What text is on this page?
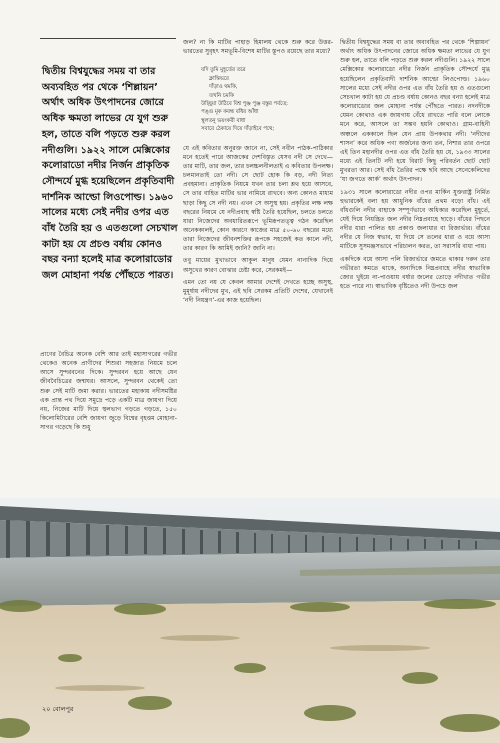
দ্বিতীয় বিশ্বযুদ্ধের সময় বা তার অব্যবহিত পর থেকে ‘শিল্লায়ন’ অর্থাৎ অধিক উৎপাদনের জোরে অধিক ক্ষমতা লাভের যে যুগ শুরু হল, তাতে বলি পড়তে শুরু করল নদীগুলি। ১৯২২ সালে মেক্সিকোর কলোরাডো নদীর নির্জন প্রাকৃতিক সৌন্দর্যে মুগ্ধ হয়েছিলেন প্রকৃতিবাদী দার্শনিক আল্ডো লিওপোল্ড। ১৯৬০ সালের মধ্যে সেই নদীর ওপর এত বাঁধ তৈরি হয় ও এতগুলো সেচখাল কাটা হয় যে প্রচণ্ড বর্ষায় কোনও বছর বন্যা হলেই মাত্র কলোরাডোর জল মোহানা পর্যন্ত পৌঁছতে পারত।

প্রাণের বৈচিত্র অনেক বেশি আর তাই মহাসাগরের গভীর থেকেও অনেক প্রাণীদের শিশুরা সহজাত নিয়মে চলে আসে সুন্দরবনের দিকে। সুন্দরবন হয়ে আছে যেন জীববৈচিত্রের জন্মঘর। আসলে, সুন্দরবন থেকেই তো শুরু সেই মাটি জমা করার। ভারতের মহাকায় নদীসমষ্টির এক প্রান্ত পথ দিয়ে সমুদ্রে পড়ে একটি মাত্র জায়গা দিয়ে নয়, নিজের মাটি দিয়ে স্থলভাগ গড়তে গড়তে, ১৫০ কিলোমিটারের বেশি জায়গা জুড়ে বিশ্বের বৃহত্তম মোহানা-সাগর গড়েছে কি শুধু

জল? না কি মাটির পাহাড় হিমালয় থেকে শুরু করে উত্তর-ভারতের সুবৃহৎ সমভূমি-বিশেষ মাটির স্তূপও রয়েছে তার মধ্যে?

যদি তুমি মুহূর্তের তরে
ক্লান্তিভরে
দাঁড়াও থমকি,
তখনি চমকি
উচ্ছ্রিয়া উঠিবে বিশ্ব পুঞ্জ পুঞ্জ বস্তুর পর্বতে;
পঙ্গু মূক কবন্ধ বধির আঁধা
স্থূলতনু ভয়ংকরী বাধা
সবারে ঠেকায়ে দিয়ে দাঁড়াইবে পথে;

যে এই কবিতার অনুরক্ত জানে না, সেই নবীন পাঠক-পাঠিকার মনে হতেই পারে আজকের দেশবিস্তৃত যেসব নদী সে দেখে— তার মাটি, তার জল, তার চলচ্চলনীলতাই এ কবিতার উপলক্ষ। চলমানতাই তো নদী। সে ছোট হোক কি বড়, নদী নিত্য প্রবহমানা। প্রাকৃতিক নিয়মে যখন তার চলা শ্লথ হয়ে আসবে, সে তার বাহিত মাটির ভার নামিয়ে রাখবে। অন্য কোনও মাধ্যম ছাড়া কিছু সে নদী নয়। এখন সে অসুস্থ হয়। প্রকৃতির লক্ষ লক্ষ বছরের নিয়মে যে নদীপ্রবাহ স্বষ্টি তৈরি হয়েছিল, চলতে চলতে যারা নিজেদের অবধারিতরূপে ভূমিরূপতত্ত্ব গঠন করেছিল অনেককালই, কোন কারণে কাজের মাত্র ৫০-৬০ বছরের মধ্যে তারা নিজেদের জীবনশক্তির রূপকে সহজেই কত কালে নদী, তার কারণ কি আমিই জানি? জানি না।

তবু মায়ের মুখ্যভাবে আকুল মানুষ যেমন নানাদিক দিয়ে অসুখের কারণ বোঝার চেষ্টা করে, সেরকমই—

এমন তো নয় যে কেবল আমার দেশেই দেখতে হচ্ছে অসুস্থ, মুমূর্ষায় নদীদের মুখ, এই ছবি সেরকম প্রতিটি দেশের, যেখানেই ‘নদী নিয়ন্ত্রণ’-এর কাজ হয়েছিল।

দ্বিতীয় বিশ্বযুদ্ধের সময় বা তার অব্যবহিত পর থেকে ‘শিল্পায়ন’ অর্থাৎ অধিক উৎপাদনের জোরে অধিক ক্ষমতা লাভের যে যুগ শুরু হল, তাতে বলি পড়তে শুরু করল নদীগুলি। ১৯২২ সালে মেক্সিকোর কলোরাডো নদীর নির্জন প্রাকৃতিক সৌন্দর্যে মুগ্ধ হয়েছিলেন প্রকৃতিবাদী দার্শনিক আল্ডো লিওপোল্ড। ১৯৬০ সালের মধ্যে সেই নদীর ওপর এত বাঁধ তৈরি হয় ও এতগুলো সেচখাল কাটা হয় যে প্রচণ্ড বর্ষায় কোনও বছর বন্যা হলেই মাত্র কলোরাডোর জল মোহানা পর্যন্ত পৌঁছতে পারত। নদনদীকে যেমন কোথাও এক জায়গায় বেঁধে রাখতে পারি বলে লোকে মনে করে, আসলে তা সম্ভব হয়নি কোথাও। গ্রাম-বাহিনী অঞ্চলে এককালে ছিল যেন প্রায় উপকথার নদী। ‘নদীদের শাসন’ করে অধিক পণ্য অর্জনের জন্য তন, নিশার তার ওপরে এই তিন মহানদীর ওপর এত বাঁধ তৈরি হয় যে, ১৯৩৩ সালের মধ্যে এই তিনটি নদী হয়ে বিরাট কিছু পরিবর্তন ছোট ছোট মুখরতা আর। সেই বাঁধ তৈরির পক্ষে ছবি আছে সেনেকেলিদের ‘যা জগতে আর্ক’ অর্থাৎ উৎপাদন।

১৯৩১ সালে কলোরাডো নদীর ওপর মার্কিন যুক্তরাষ্ট্র নির্মিত হুভারকেই বলা হয় আধুনিক বাঁধের প্রথম বড়ো বাঁধ। এই বাঁধগুলি নদীর বাহাকে সম্পূর্ণভাবে অধিকার করেছিল মুহূর্তে, যেই দিয়ে নিয়ন্ত্রিত জল নদীর নিম্নপ্রবাহে ছাড়ে। বাঁধের পিছনে নদীর ধারা পালিত হয় প্রকাণ্ড জলাধার বা রিজার্ভার। বাঁধের নদীর যে নিজ স্বভাব, যা দিয়ে সে তলের ধারা ও বয়ে আসা মাটিকে সুসমঞ্জসভাবে পরিচালন করত, তা সরাসরি বাধা পায়।

একদিকে বয়ে আসা পলি রিজার্ভারে জমতে থাকার দরুন তার গভীরতা কমতে থাকে, অন্যদিকে নিম্নপ্রবাহে নদীর স্বাভাবিক জোর খুইয়ে না-পাওয়ায় বর্ষার জলের তোড়ে নদীখাত গভীর হতে পারে না। স্বাভাবিক বৃষ্টিতেও নদী উপচে জল

২০ বোলপুর
